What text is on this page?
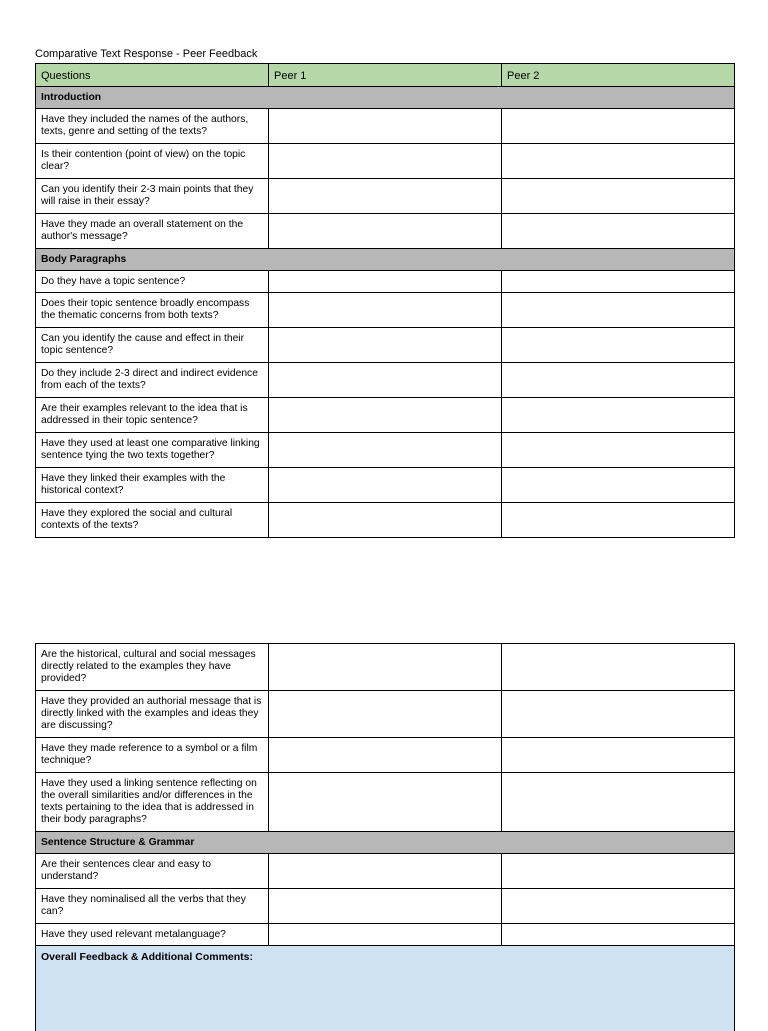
Comparative Text Response - Peer Feedback
Questions	Peer 1	Peer 2
Introduction		
Have they included the names of the authors, texts, genre and setting of the texts?		
Is their contention (point of view) on the topic clear?		
Can you identify their 2-3 main points that they will raise in their essay?		
Have they made an overall statement on the author's message?		
Body Paragraphs		
Do they have a topic sentence?		
Does their topic sentence broadly encompass the thematic concerns from both texts?		
Can you identify the cause and effect in their topic sentence?		
Do they include 2-3 direct and indirect evidence from each of the texts?		
Are their examples relevant to the idea that is addressed in their topic sentence?		
Have they used at least one comparative linking sentence tying the two texts together?		
Have they linked their examples with the historical context?		
Have they explored the social and cultural contexts of the texts?		
Are the historical, cultural and social messages directly related to the examples they have provided?		
Have they provided an authorial message that is directly linked with the examples and ideas they are discussing?		
Have they made reference to a symbol or a film technique?		
Have they used a linking sentence reflecting on the overall similarities and/or differences in the texts pertaining to the idea that is addressed in their body paragraphs?		
Sentence Structure & Grammar		
Are their sentences clear and easy to understand?		
Have they nominalised all the verbs that they can?		
Have they used relevant metalanguage?		
Overall Feedback & Additional Comments:		
